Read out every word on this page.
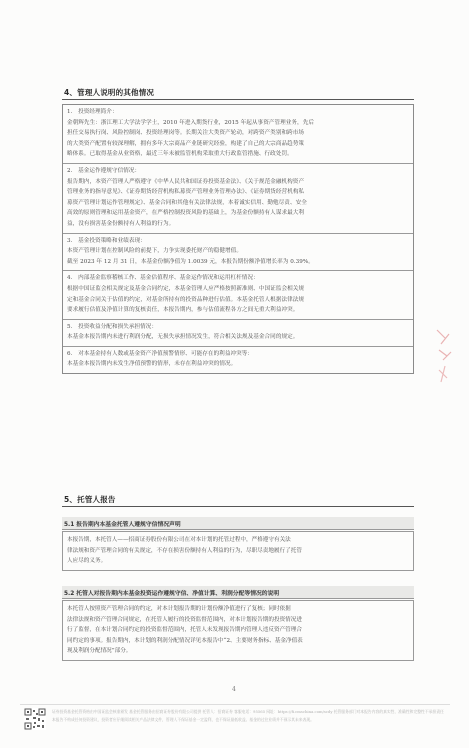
4、管理人说明的其他情况

1.　投资经理简介：

金朝辉先生：浙江理工大学法学学士，2010 年进入期货行业，2015 年起从事资产管理业务，先后

担任交易执行岗、风险控制岗、投资经理岗等。长期关注大类资产轮动，对跨资产类别和跨市场

的大类资产配置有较深理解，拥有多年大宗商品产业链研究经验，构建了自己的大宗商品趋势策

略体系。已取得基金从业资格，最近三年未被监管机构采取重大行政监管措施、行政处罚。

2.　基金运作遵规守信情况：

报告期内，本资产管理人严格遵守《中华人民共和国证券投资基金法》、《关于规范金融机构资产

管理业务的指导意见》、《证券期货经营机构私募资产管理业务管理办法》、《证券期货经营机构私

募资产管理计划运作管理规定》、基金合同和其他有关法律法规，本着诚实信用、勤勉尽责、安全

高效的原则管理和运用基金资产，在严格控制投资风险的基础上，为基金份额持有人谋求最大利

益，没有损害基金份额持有人利益的行为。

3.　基金投资策略和业绩表现：

本资产管理计划在控制风险的前提下，力争实现委托财产的稳健增值。

截至 2023 年 12 月 31 日，本基金份额净值为 1.0039 元，本报告期份额净值增长率为 0.39%。

4.　内部基金监察稽核工作、基金估值程序、基金运作情况和运用杠杆情况：

根据中国证监会相关规定及基金合同约定，本基金管理人应严格按照新准则、中国证监会相关规

定和基金合同关于估值的约定，对基金所持有的投资品种进行估值。本基金托管人根据法律法规

要求履行估值及净值计算的复核责任，本报告期内，参与估值流程各方之间无重大利益冲突。

5.　投资收益分配和损失承担情况：

本基金本报告期内未进行利润分配，无损失承担情况发生，符合相关法规及基金合同的规定。

6.　对本基金持有人数或基金资产净值预警情形、可能存在的利益冲突等：

本基金本报告期内未发生净值预警的情形，未存在利益冲突的情况。

5、托管人报告
5.1 报告期内本基金托管人遵规守信情况声明

本报告期，本托管人——招商证券股份有限公司在对本计划的托管过程中，严格遵守有关法

律法规和资产管理合同的有关规定，不存在损害份额持有人利益的行为，尽职尽责地履行了托管

人应尽的义务。

5.2 托管人对报告期内本基金投资运作遵规守信、净值计算、利润分配等情况的说明

本托管人按照资产管理合同的约定，对本计划报告期的计划份额净值进行了复核；同时依据

法律法规和资产管理合同规定，在托管人履行的投资监督范围内，对本计划报告期的投资情况进

行了监督，在本计划合同约定的投资监督范围内，托管人未发现报告期内管理人违反资产管理合

同约定的事项。报告期内，本计划的利润分配情况详见本报告中“2、主要财务指标、基金净值表

现及利润分配情况”部分。

4
证券投资基金托管资格由中国证监会核准颁发 基金托管服务由招商证券股份有限公司提供 托管人：招商证券 客服电话：95565 网址：https://fi.cmschina.com/scdy 托管服务部门对本报告内容的真实性、准确性和完整性不承担责任
本报告不构成任何投资建议，投资者应仔细阅读相关产品法律文件，管理人不保证基金一定盈利，也不保证最低收益。基金的过往业绩并不预示其未来表现。
